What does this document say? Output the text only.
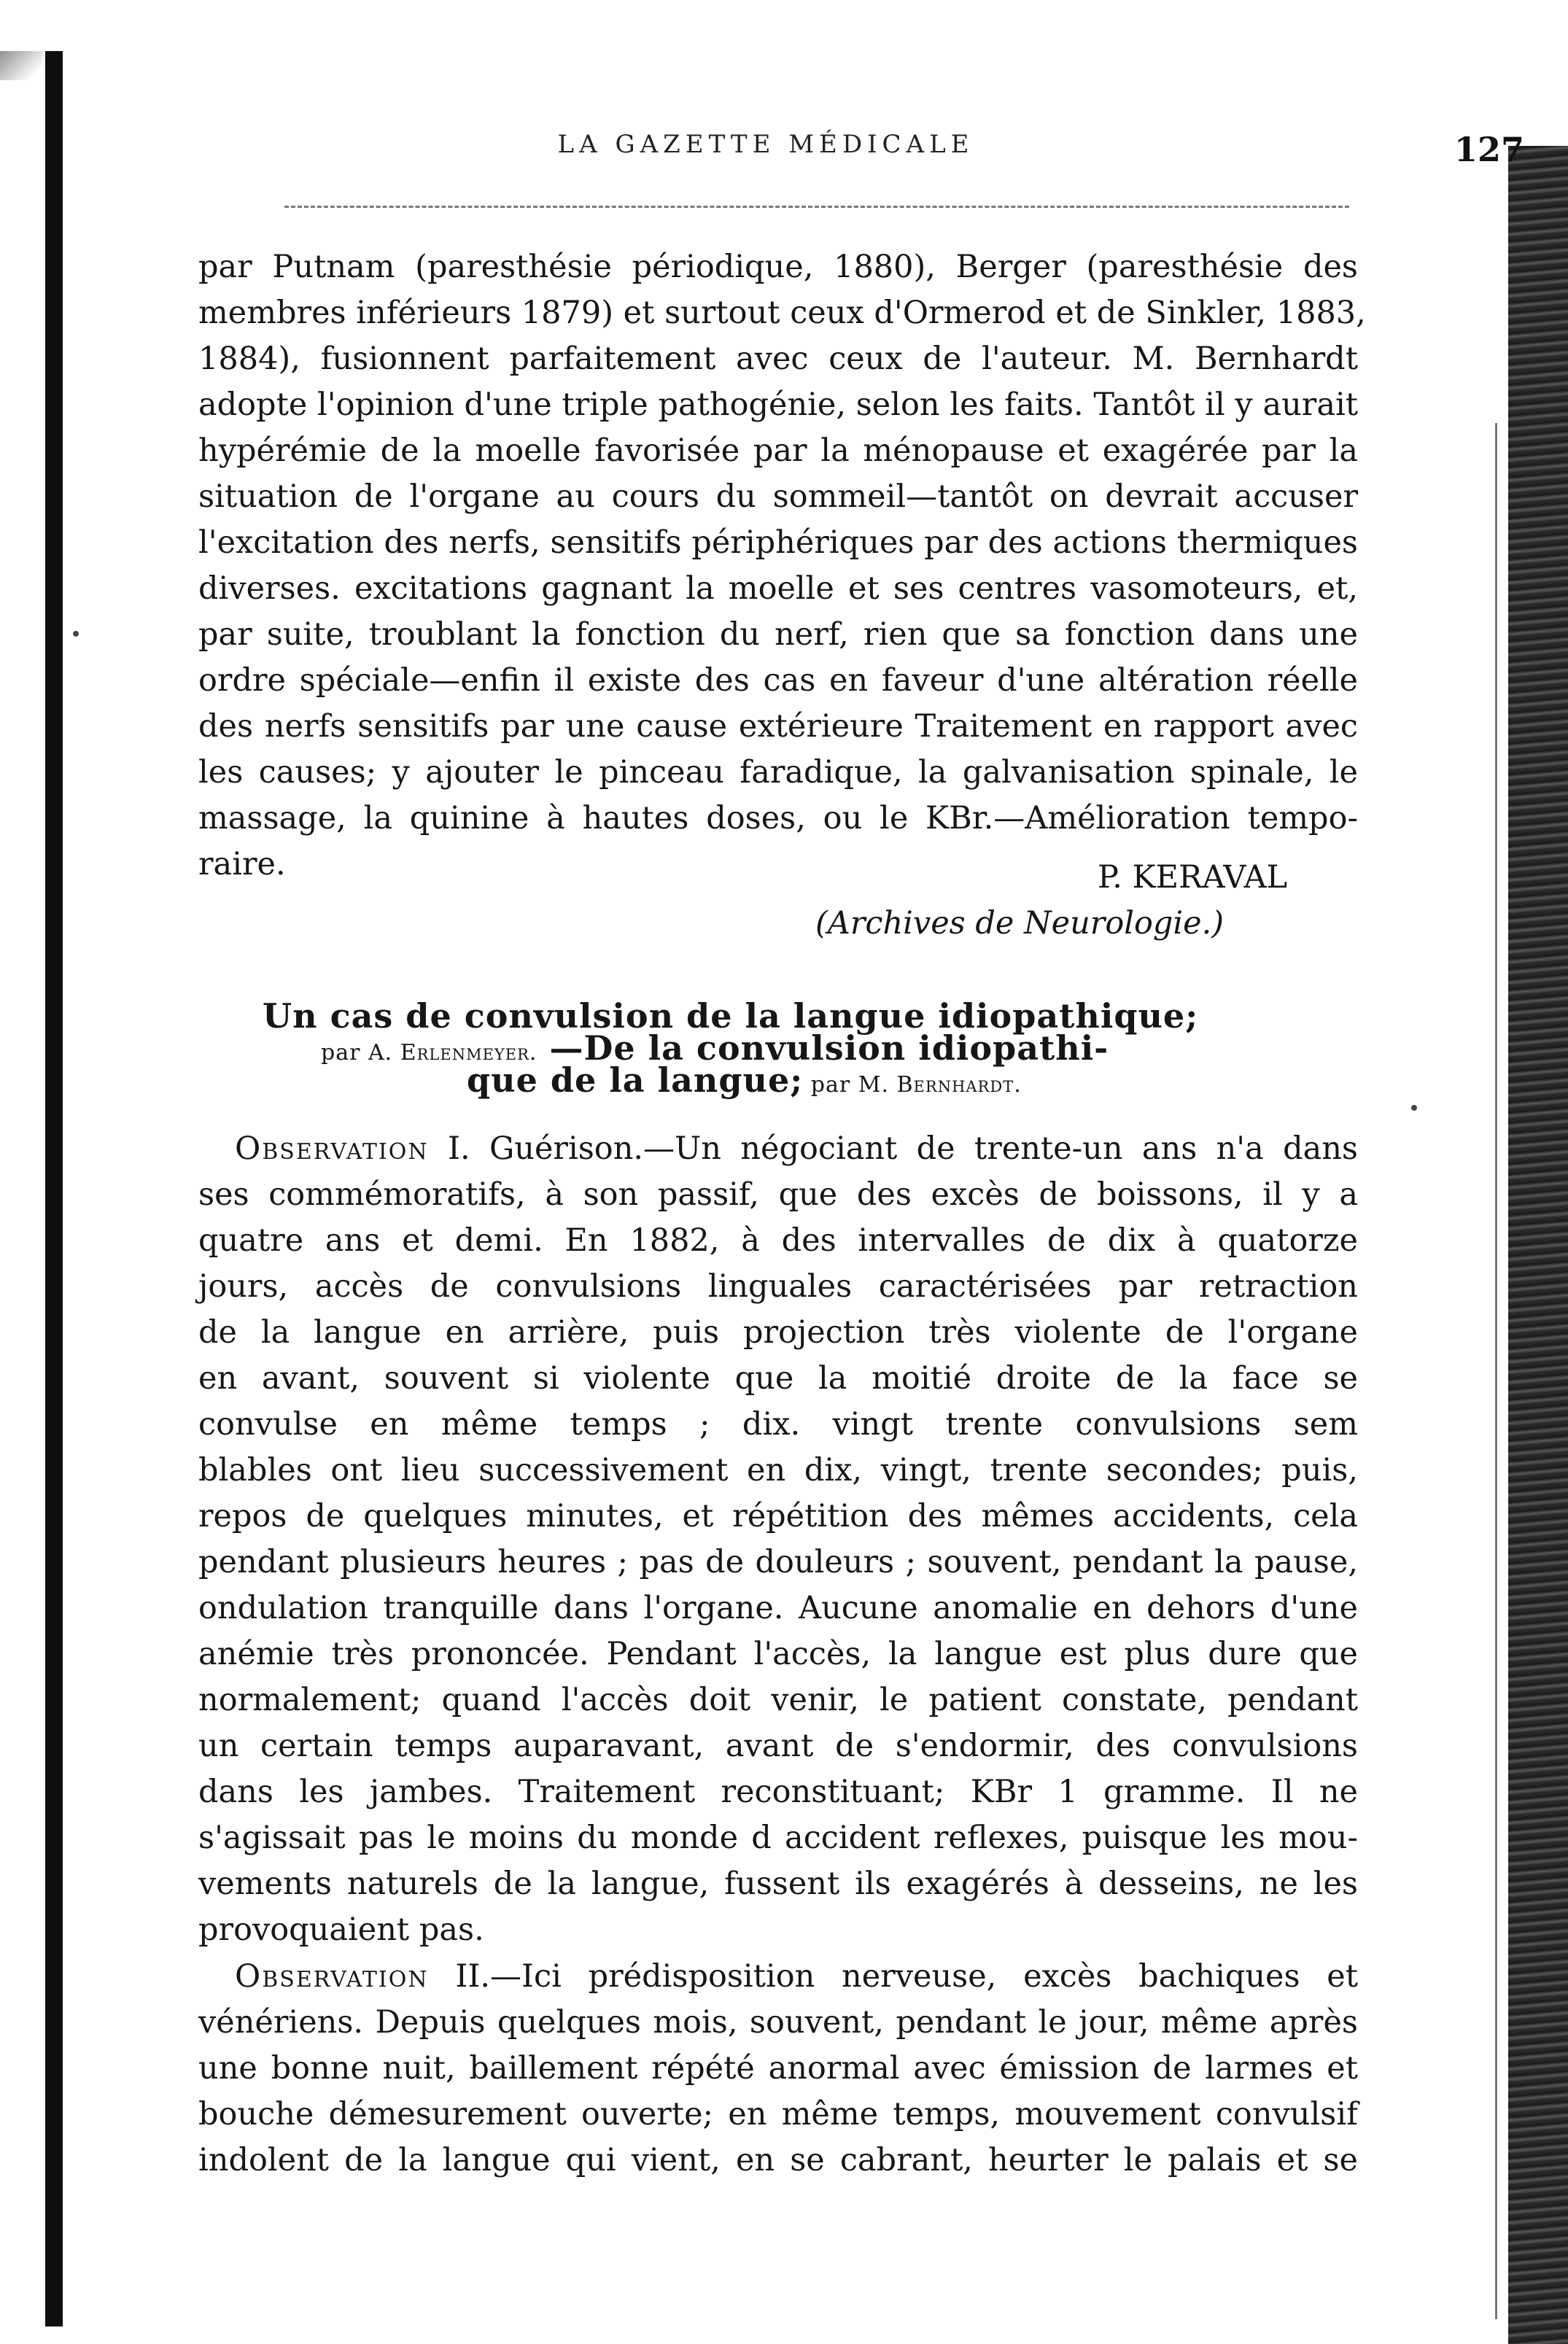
LA GAZETTE MÉDICALE	127
par Putnam (paresthésie périodique, 1880), Berger (paresthésie des
membres inférieurs 1879) et surtout ceux d'Ormerod et de Sinkler, 1883,
1884), fusionnent parfaitement avec ceux de l'auteur. M. Bernhardt
adopte l'opinion d'une triple pathogénie, selon les faits. Tantôt il y aurait
hypérémie de la moelle favorisée par la ménopause et exagérée par la
situation de l'organe au cours du sommeil—tantôt on devrait accuser
l'excitation des nerfs, sensitifs périphériques par des actions thermiques
diverses. excitations gagnant la moelle et ses centres vasomoteurs, et,
par suite, troublant la fonction du nerf, rien que sa fonction dans une
ordre spéciale—enfin il existe des cas en faveur d'une altération réelle
des nerfs sensitifs par une cause extérieure Traitement en rapport avec
les causes; y ajouter le pinceau faradique, la galvanisation spinale, le
massage, la quinine à hautes doses, ou le KBr.—Amélioration tempo-
raire.	P. KERAVAL
(Archives de Neurologie.)
Un cas de convulsion de la langue idiopathique;
par A. Erlenmeyer. —De la convulsion idiopathi-
que de la langue; par M. Bernhardt.
Observation I. Guérison.—Un négociant de trente-un ans n'a dans
ses commémoratifs, à son passif, que des excès de boissons, il y a
quatre ans et demi. En 1882, à des intervalles de dix à quatorze
jours, accès de convulsions linguales caractérisées par retraction
de la langue en arrière, puis projection très violente de l'organe
en avant, souvent si violente que la moitié droite de la face se
convulse en même temps ; dix. vingt trente convulsions sem
blables ont lieu successivement en dix, vingt, trente secondes; puis,
repos de quelques minutes, et répétition des mêmes accidents, cela
pendant plusieurs heures ; pas de douleurs ; souvent, pendant la pause,
ondulation tranquille dans l'organe. Aucune anomalie en dehors d'une
anémie très prononcée. Pendant l'accès, la langue est plus dure que
normalement; quand l'accès doit venir, le patient constate, pendant
un certain temps auparavant, avant de s'endormir, des convulsions
dans les jambes. Traitement reconstituant; KBr 1 gramme. Il ne
s'agissait pas le moins du monde d accident reflexes, puisque les mou-
vements naturels de la langue, fussent ils exagérés à desseins, ne les
provoquaient pas.
Observation II.—Ici prédisposition nerveuse, excès bachiques et
vénériens. Depuis quelques mois, souvent, pendant le jour, même après
une bonne nuit, baillement répété anormal avec émission de larmes et
bouche démesurement ouverte; en même temps, mouvement convulsif
indolent de la langue qui vient, en se cabrant, heurter le palais et se
